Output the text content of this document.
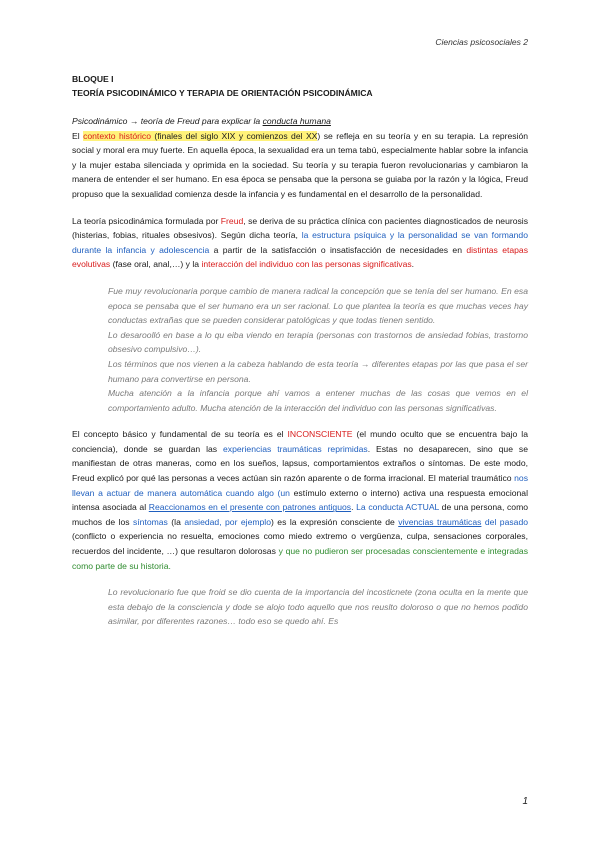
Ciencias psicosociales 2
BLOQUE I
TEORÍA PSICODINÁMICO Y TERAPIA DE ORIENTACIÓN PSICODINÁMICA

Psicodinámico → teoría de Freud para explicar la conducta humana

El contexto histórico (finales del siglo XIX y comienzos del XX) se refleja en su teoría y en su terapia. La represión social y moral era muy fuerte. En aquella época, la sexualidad era un tema tabú, especialmente hablar sobre la infancia y la mujer estaba silenciada y oprimida en la sociedad. Su teoría y su terapia fueron revolucionarias y cambiaron la manera de entender el ser humano. En esa época se pensaba que la persona se guiaba por la razón y la lógica, Freud propuso que la sexualidad comienza desde la infancia y es fundamental en el desarrollo de la personalidad.

La teoría psicodinámica formulada por Freud, se deriva de su práctica clínica con pacientes diagnosticados de neurosis (histerias, fobias, rituales obsesivos). Según dicha teoría, la estructura psíquica y la personalidad se van formando durante la infancia y adolescencia a partir de la satisfacción o insatisfacción de necesidades en distintas etapas evolutivas (fase oral, anal,…) y la interacción del individuo con las personas significativas.

Fue muy revolucionaria porque cambio de manera radical la concepción que se tenía del ser humano. En esa epoca se pensaba que el ser humano era un ser racional. Lo que plantea la teoría es que muchas veces hay conductas extrañas que se pueden considerar patológicas y que todas tienen sentido.
Lo desaroolló en base a lo qu eiba viendo en terapia (personas con trastornos de ansiedad fobias, trastorno obsesivo compulsivo…).
Los términos que nos vienen a la cabeza hablando de esta teoría → diferentes etapas por las que pasa el ser humano para convertirse en persona.
Mucha atención a la infancia porque ahí vamos a entener muchas de las cosas que vemos en el comportamiento adulto. Mucha atención de la interacción del individuo con las personas significativas.

El concepto básico y fundamental de su teoría es el INCONSCIENTE (el mundo oculto que se encuentra bajo la conciencia), donde se guardan las experiencias traumáticas reprimidas. Estas no desaparecen, sino que se manifiestan de otras maneras, como en los sueños, lapsus, comportamientos extraños o síntomas. De este modo, Freud explicó por qué las personas a veces actúan sin razón aparente o de forma irracional. El material traumático nos llevan a actuar de manera automática cuando algo (un estímulo externo o interno) activa una respuesta emocional intensa asociada al Reaccionamos en el presente con patrones antiguos. La conducta ACTUAL de una persona, como muchos de los síntomas (la ansiedad, por ejemplo) es la expresión consciente de vivencias traumáticas del pasado (conflicto o experiencia no resuelta, emociones como miedo extremo o vergüenza, culpa, sensaciones corporales, recuerdos del incidente, …) que resultaron dolorosas y que no pudieron ser procesadas conscientemente e integradas como parte de su historia.

Lo revolucionario fue que froid se dio cuenta de la importancia del incosticnete (zona oculta en la mente que esta debajo de la consciencia y dode se alojo todo aquello que nos reuslto doloroso o que no hemos podido asimilar, por diferentes razones… todo eso se quedo ahí. Es
1
